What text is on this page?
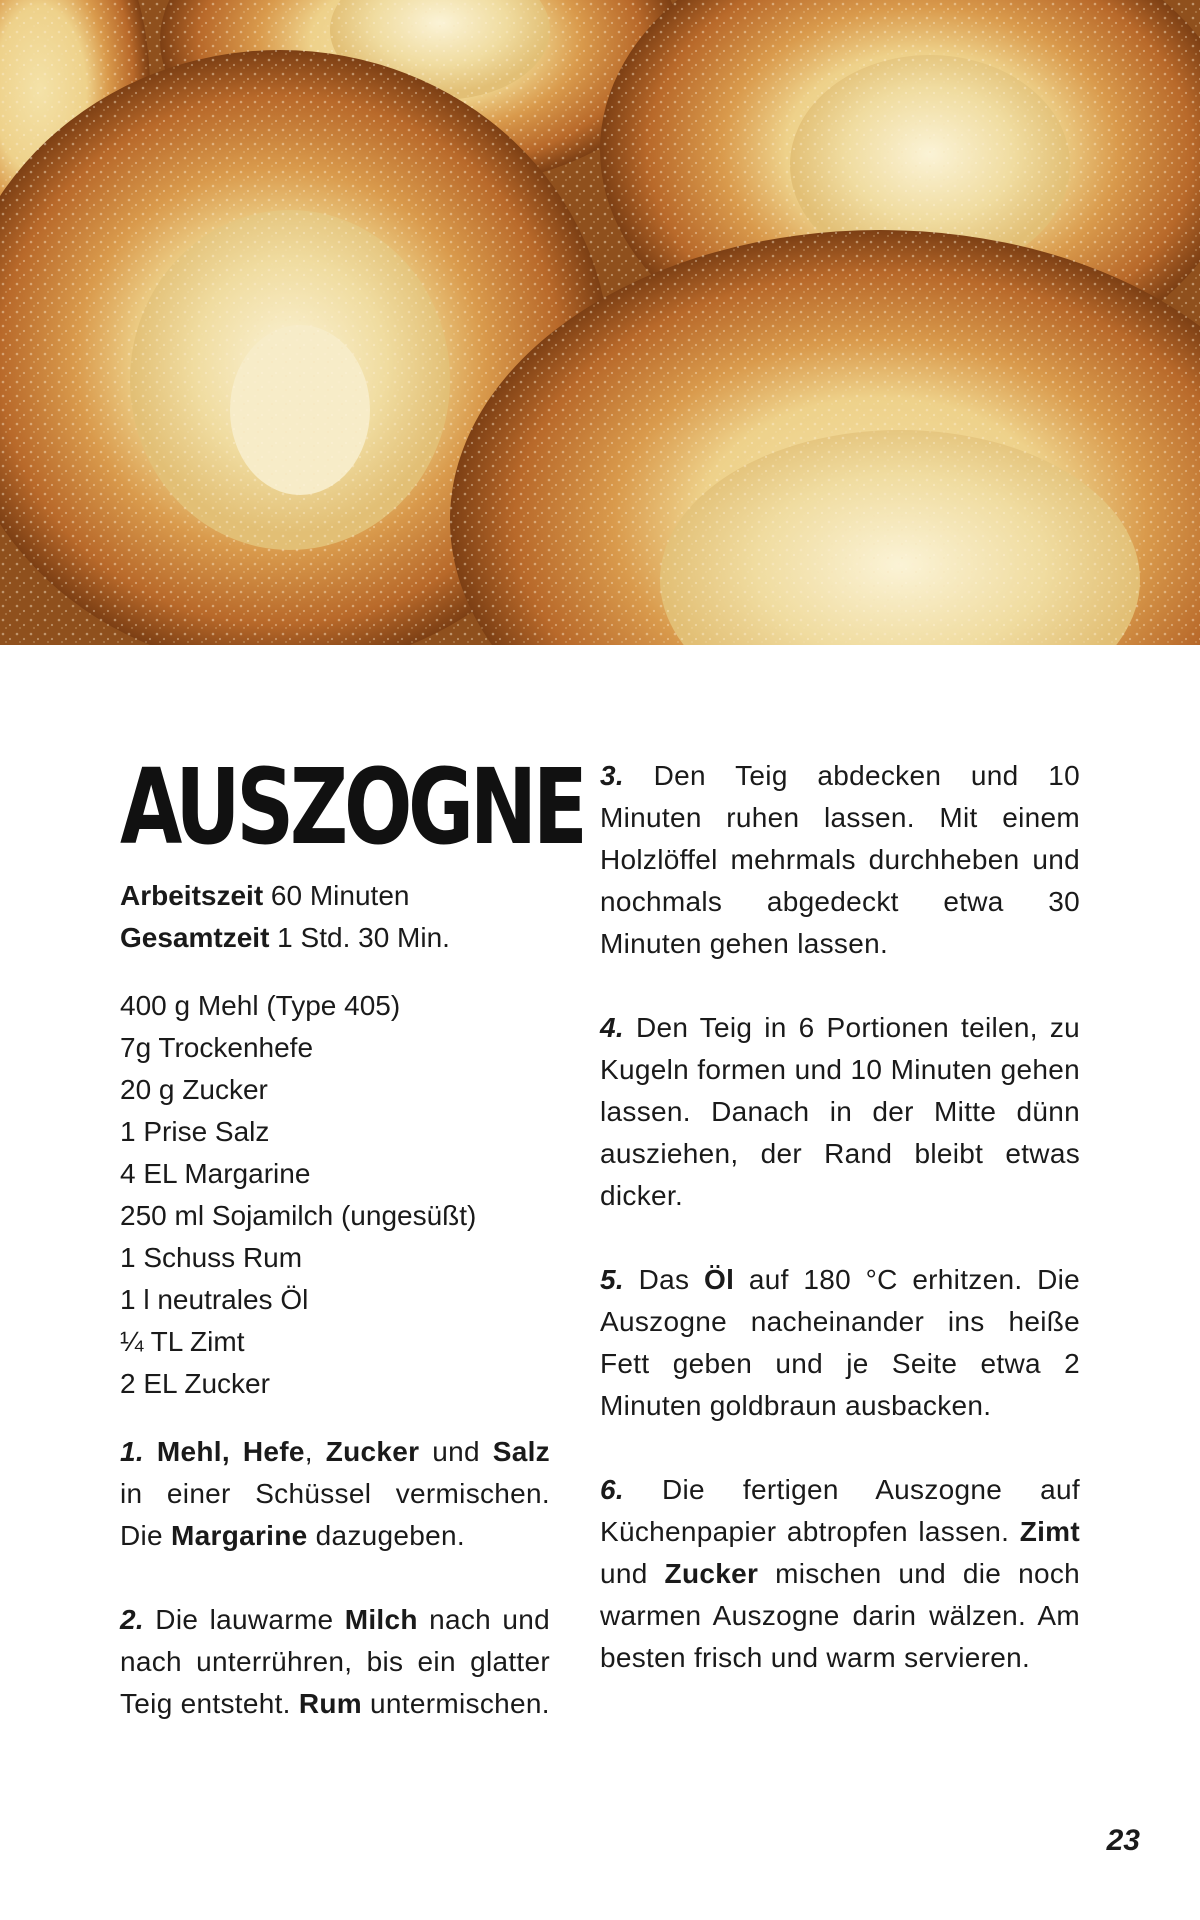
AUSZOGNE
Arbeitszeit 60 Minuten
Gesamtzeit 1 Std. 30 Min.
400 g Mehl (Type 405)
7g Trockenhefe
20 g Zucker
1 Prise Salz
4 EL Margarine
250 ml Sojamilch (ungesüßt)
1 Schuss Rum
1 l neutrales Öl
¼ TL Zimt
2 EL Zucker

1. Mehl, Hefe, Zucker und Salz in einer Schüssel vermischen. Die Margarine dazugeben.

2. Die lauwarme Milch nach und nach unterrühren, bis ein glatter Teig entsteht. Rum untermischen.

3. Den Teig abdecken und 10 Minuten ruhen lassen. Mit einem Holzlöffel mehrmals durchheben und nochmals abgedeckt etwa 30 Minuten gehen lassen.

4. Den Teig in 6 Portionen teilen, zu Kugeln formen und 10 Minuten gehen lassen. Danach in der Mitte dünn ausziehen, der Rand bleibt etwas dicker.

5. Das Öl auf 180 °C erhitzen. Die Auszogne nacheinander ins heiße Fett geben und je Seite etwa 2 Minuten goldbraun ausbacken.

6. Die fertigen Auszogne auf Küchenpapier abtropfen lassen. Zimt und Zucker mischen und die noch warmen Auszogne darin wälzen. Am besten frisch und warm servieren.

23
